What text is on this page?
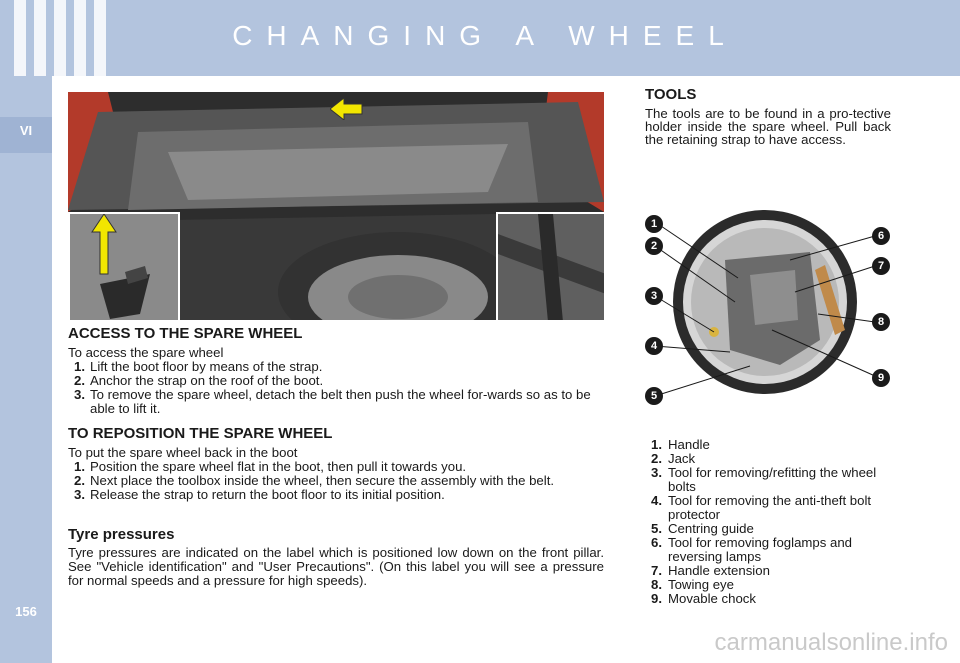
CHANGING A WHEEL
VI
156
ACCESS TO THE SPARE WHEEL

To access the spare wheel

1. Lift the boot floor by means of the strap.
2. Anchor the strap on the roof of the boot.
3. To remove the spare wheel, detach the belt then push the wheel for-wards so as to be able to lift it.
TO REPOSITION THE SPARE WHEEL

To put the spare wheel back in the boot

1. Position the spare wheel flat in the boot, then pull it towards you.
2. Next place the toolbox inside the wheel, then secure the assembly with the belt.
3. Release the strap to return the boot floor to its initial position.
Tyre pressures

Tyre pressures are indicated on the label which is positioned low down on the front pillar. See "Vehicle identification" and "User Precautions". (On this label you will see a pressure for normal speeds and a pressure for high speeds).

TOOLS

The tools are to be found in a pro-tective holder inside the spare wheel. Pull back the retaining strap to have access.

1
2
3
4
5
6
7
8
9
1. Handle
2. Jack
3. Tool for removing/refitting the wheel bolts
4. Tool for removing the anti-theft bolt protector
5. Centring guide
6. Tool for removing foglamps and reversing lamps
7. Handle extension
8. Towing eye
9. Movable chock
carmanualsonline.info
